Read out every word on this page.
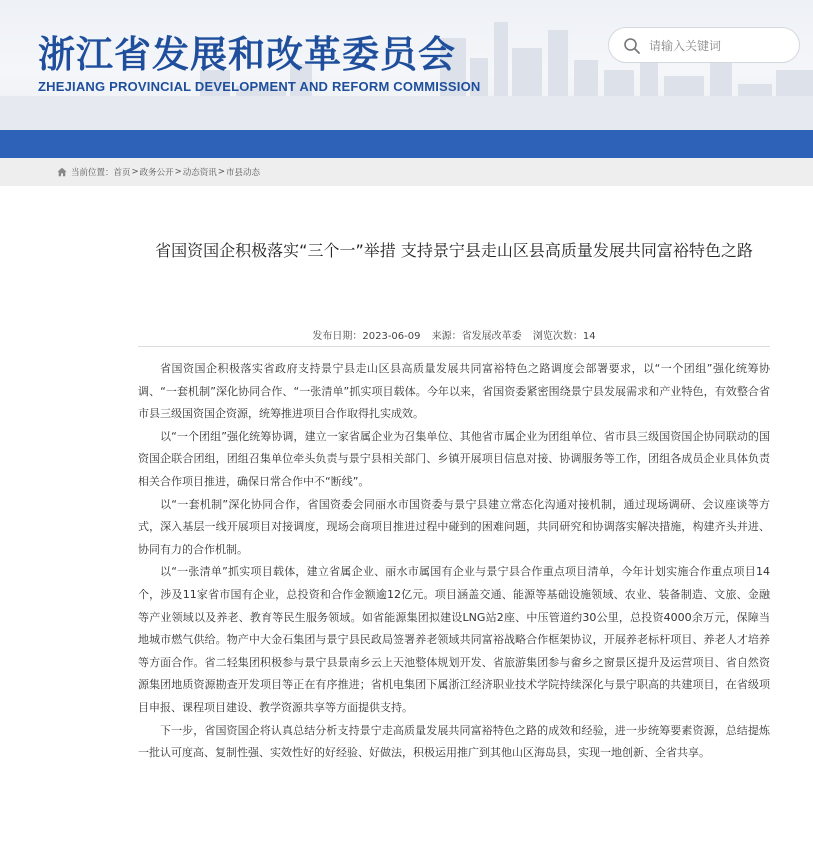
浙江省发展和改革委员会
ZHEJIANG PROVINCIAL DEVELOPMENT AND REFORM COMMISSION
请输入关键词
当前位置： 首页 > 政务公开 > 动态资讯 > 市县动态
省国资国企积极落实“三个一”举措 支持景宁县走山区县高质量发展共同富裕特色之路
发布日期：2023-06-09 来源：省发展改革委 浏览次数：14

省国资国企积极落实省政府支持景宁县走山区县高质量发展共同富裕特色之路调度会部署要求，以“一个团组”强化统筹协调、“一套机制”深化协同合作、“一张清单”抓实项目载体。今年以来，省国资委紧密围绕景宁县发展需求和产业特色，有效整合省市县三级国资国企资源，统筹推进项目合作取得扎实成效。

以“一个团组”强化统筹协调，建立一家省属企业为召集单位、其他省市属企业为团组单位、省市县三级国资国企协同联动的国资国企联合团组，团组召集单位牵头负责与景宁县相关部门、乡镇开展项目信息对接、协调服务等工作，团组各成员企业具体负责相关合作项目推进，确保日常合作中不“断线”。

以“一套机制”深化协同合作，省国资委会同丽水市国资委与景宁县建立常态化沟通对接机制，通过现场调研、会议座谈等方式，深入基层一线开展项目对接调度，现场会商项目推进过程中碰到的困难问题，共同研究和协调落实解决措施，构建齐头并进、协同有力的合作机制。

以“一张清单”抓实项目载体，建立省属企业、丽水市属国有企业与景宁县合作重点项目清单，今年计划实施合作重点项目14个，涉及11家省市国有企业，总投资和合作金额逾12亿元。项目涵盖交通、能源等基础设施领域、农业、装备制造、文旅、金融等产业领域以及养老、教育等民生服务领域。如省能源集团拟建设LNG站2座、中压管道约30公里，总投资4000余万元，保障当地城市燃气供给。物产中大金石集团与景宁县民政局签署养老领域共同富裕战略合作框架协议，开展养老标杆项目、养老人才培养等方面合作。省二轻集团积极参与景宁县景南乡云上天池整体规划开发、省旅游集团参与畲乡之窗景区提升及运营项目、省自然资源集团地质资源勘查开发项目等正在有序推进；省机电集团下属浙江经济职业技术学院持续深化与景宁职高的共建项目，在省级项目申报、课程项目建设、教学资源共享等方面提供支持。

下一步，省国资国企将认真总结分析支持景宁走高质量发展共同富裕特色之路的成效和经验，进一步统筹要素资源，总结提炼一批认可度高、复制性强、实效性好的好经验、好做法，积极运用推广到其他山区海岛县，实现一地创新、全省共享。
